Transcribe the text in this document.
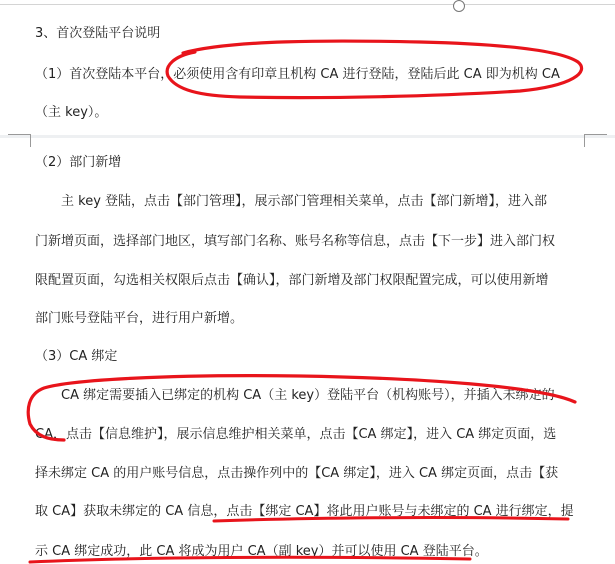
3、首次登陆平台说明
（1）首次登陆本平台，必须使用含有印章且机构 CA 进行登陆，登陆后此 CA 即为机构 CA
（主 key）。
（2）部门新增
主 key 登陆，点击【部门管理】，展示部门管理相关菜单，点击【部门新增】，进入部
门新增页面，选择部门地区，填写部门名称、账号名称等信息，点击【下一步】进入部门权
限配置页面，勾选相关权限后点击【确认】，部门新增及部门权限配置完成，可以使用新增
部门账号登陆平台，进行用户新增。
（3）CA 绑定
CA 绑定需要插入已绑定的机构 CA（主 key）登陆平台（机构账号），并插入未绑定的
CA，点击【信息维护】，展示信息维护相关菜单，点击【CA 绑定】，进入 CA 绑定页面，选
择未绑定 CA 的用户账号信息，点击操作列中的【CA 绑定】，进入 CA 绑定页面，点击【获
取 CA】获取未绑定的 CA 信息，点击【绑定 CA】将此用户账号与未绑定的 CA 进行绑定，提
示 CA 绑定成功，此 CA 将成为用户 CA（副 key）并可以使用 CA 登陆平台。
